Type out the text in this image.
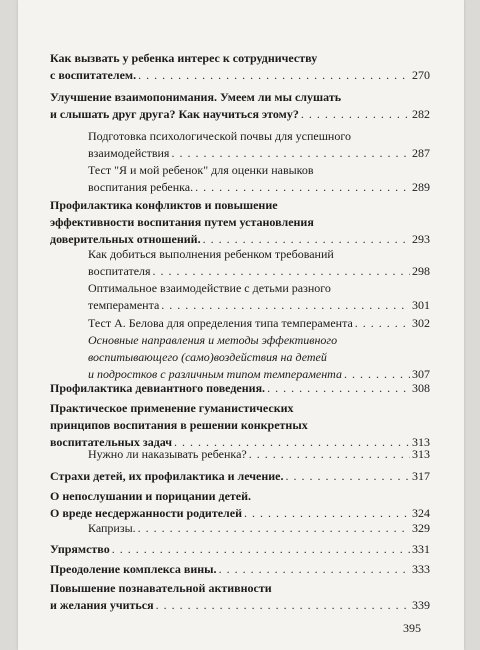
Как вызвать у ребенка интерес к сотрудничеству
с воспитателем. . . .	270
Улучшение взаимопонимания. Умеем ли мы слушать
и слышать друг друга? Как научиться этому? . . .	282
Подготовка психологической почвы для успешного
взаимодействия . . .	287
Тест "Я и мой ребенок" для оценки навыков
воспитания ребенка. . . .	289
Профилактика конфликтов и повышение
эффективности воспитания путем установления
доверительных отношений. . . .	293
Как добиться выполнения ребенком требований
воспитателя . . .	298
Оптимальное взаимодействие с детьми разного
темперамента . . .	301
Тест А. Белова для определения типа темперамента . . .	302
Основные направления и методы эффективного
воспитывающего (само)воздействия на детей
и подростков с различным типом темперамента . . .	307
Профилактика девиантного поведения. . . .	308
Практическое применение гуманистических
принципов воспитания в решении конкретных
воспитательных задач . . .	313
Нужно ли наказывать ребенка? . . .	313
Страхи детей, их профилактика и лечение. . . .	317
О непослушании и порицании детей.
О вреде несдержанности родителей . . .	324
Капризы. . . .	329
Упрямство . . .	331
Преодоление комплекса вины. . . .	333
Повышение познавательной активности
и желания учиться . . .	339
395
